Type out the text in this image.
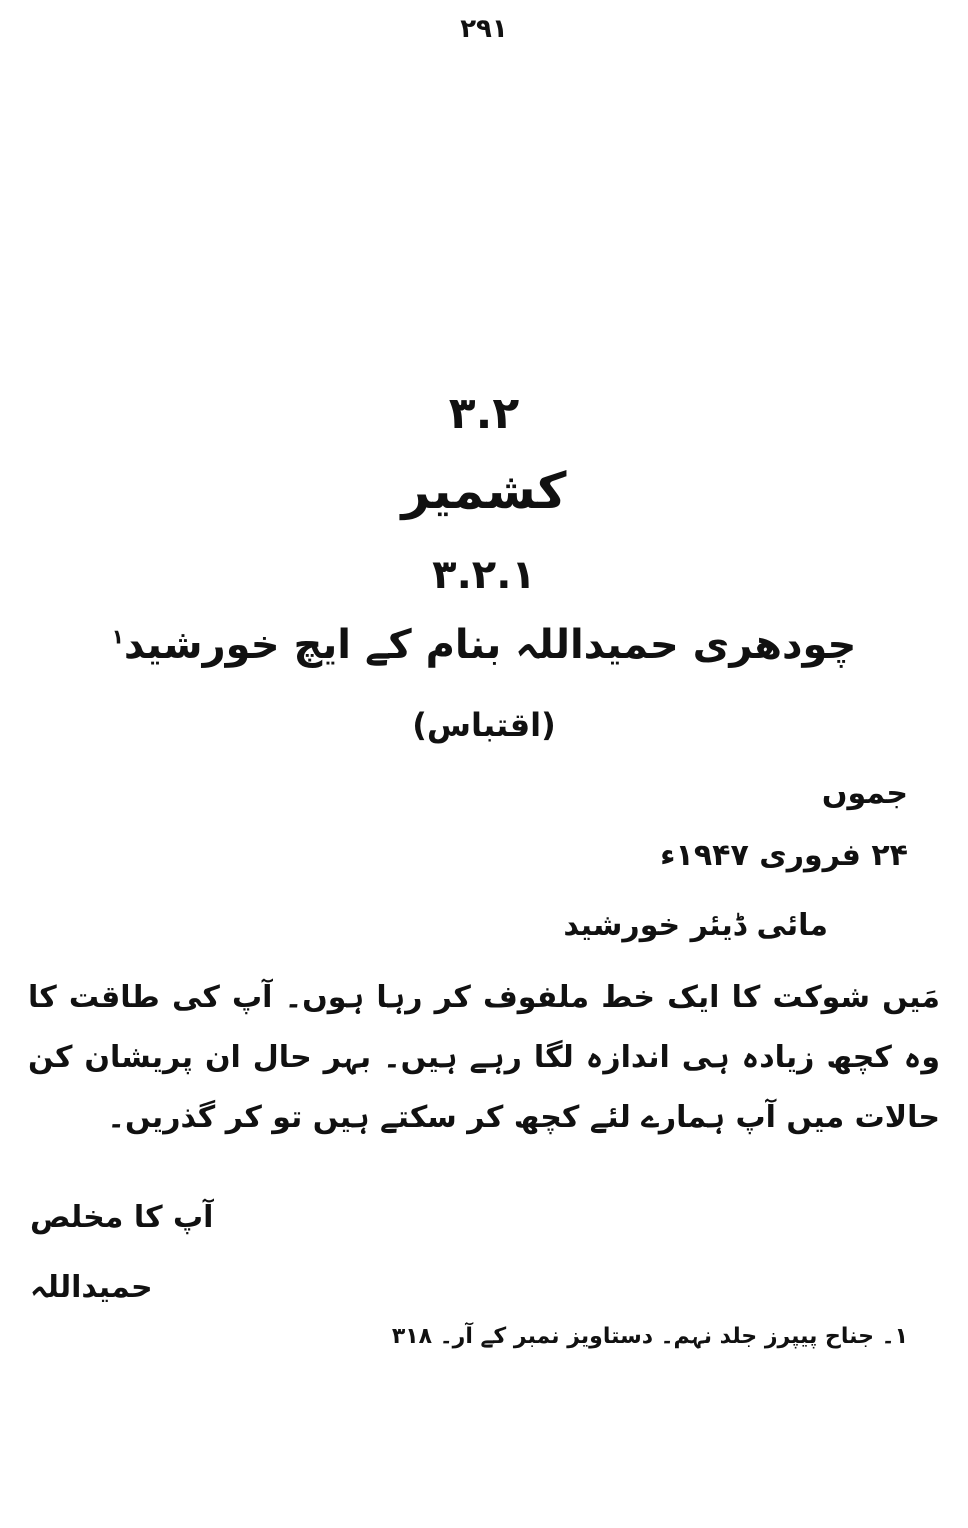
۲۹۱
۳.۲
کشمیر
۳.۲.۱
چودھری حمیداللہ بنام کے ایچ خورشید$^۱$
(اقتباس)
جموں
۲۴ فروری ۱۹۴۷ء
مائی ڈیئر خورشید
مَیں شوکت کا ایک خط ملفوف کر رہا ہوں۔ آپ کی طاقت کا وہ کچھ زیادہ ہی اندازہ لگا رہے ہیں۔ بہر حال ان پریشان کن حالات میں آپ ہمارے لئے کچھ کر سکتے ہیں تو کر گذریں۔
آپ کا مخلص
حمیداللہ
۱۔ جناح پیپرز جلد نہم۔ دستاویز نمبر کے آر۔ ۳۱۸
